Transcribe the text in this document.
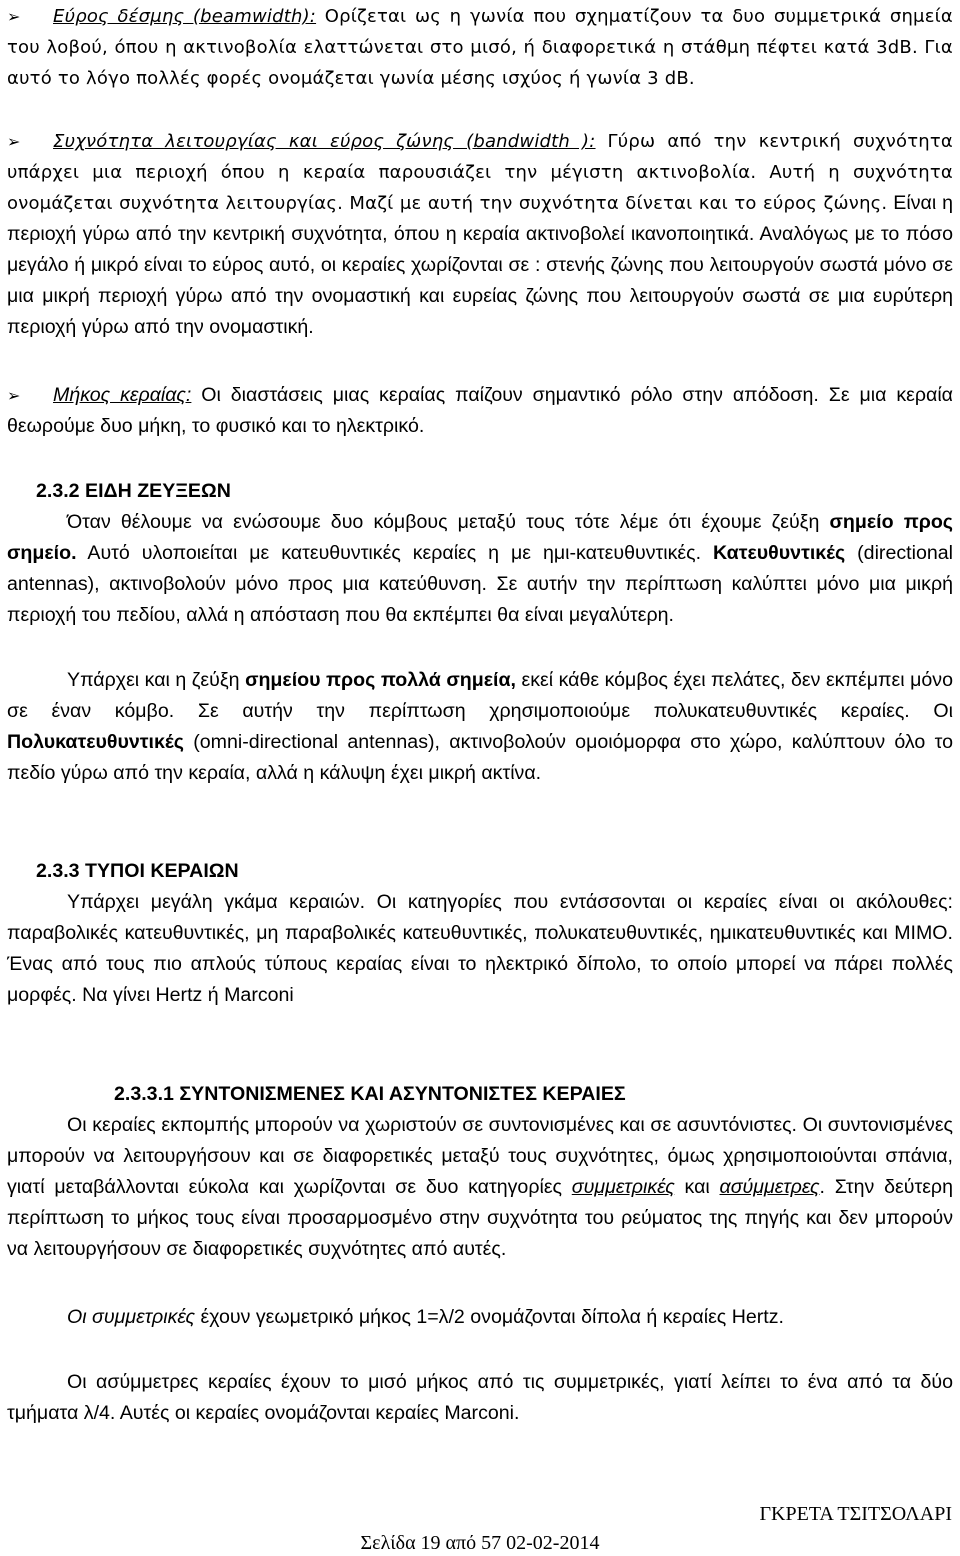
➢ Εύρος δέσμης (beamwidth): Ορίζεται ως η γωνία που σχηματίζουν τα δυο συμμετρικά σημεία του λοβού, όπου η ακτινοβολία ελαττώνεται στο μισό, ή διαφορετικά η στάθμη πέφτει κατά 3dB. Για αυτό το λόγο πολλές φορές ονομάζεται γωνία μέσης ισχύος ή γωνία 3 dB.

➢ Συχνότητα λειτουργίας και εύρος ζώνης (bandwidth ): Γύρω από την κεντρική συχνότητα υπάρχει μια περιοχή όπου η κεραία παρουσιάζει την μέγιστη ακτινοβολία. Αυτή η συχνότητα ονομάζεται συχνότητα λειτουργίας. Μαζί με αυτή την συχνότητα δίνεται και το εύρος ζώνης. Είναι η περιοχή γύρω από την κεντρική συχνότητα, όπου η κεραία ακτινοβολεί ικανοποιητικά. Αναλόγως με το πόσο μεγάλο ή μικρό είναι το εύρος αυτό, οι κεραίες χωρίζονται σε : στενής ζώνης που λειτουργούν σωστά μόνο σε μια μικρή περιοχή γύρω από την ονομαστική και ευρείας ζώνης που λειτουργούν σωστά σε μια ευρύτερη περιοχή γύρω από την ονομαστική.

➢ Μήκος κεραίας: Οι διαστάσεις μιας κεραίας παίζουν σημαντικό ρόλο στην απόδοση. Σε μια κεραία θεωρούμε δυο μήκη, το φυσικό και το ηλεκτρικό.

2.3.2 ΕΙΔΗ ΖΕΥΞΕΩΝ

Όταν θέλουμε να ενώσουμε δυο κόμβους μεταξύ τους τότε λέμε ότι έχουμε ζεύξη σημείο προς σημείο. Αυτό υλοποιείται με κατευθυντικές κεραίες η με ημι-κατευθυντικές. Κατευθυντικές (directional antennas), ακτινοβολούν μόνο προς μια κατεύθυνση. Σε αυτήν την περίπτωση καλύπτει μόνο μια μικρή περιοχή του πεδίου, αλλά η απόσταση που θα εκπέμπει θα είναι μεγαλύτερη.

Υπάρχει και η ζεύξη σημείου προς πολλά σημεία, εκεί κάθε κόμβος έχει πελάτες, δεν εκπέμπει μόνο σε έναν κόμβο. Σε αυτήν την περίπτωση χρησιμοποιούμε πολυκατευθυντικές κεραίες. Οι Πολυκατευθυντικές (omni-directional antennas), ακτινοβολούν ομοιόμορφα στο χώρο, καλύπτουν όλο το πεδίο γύρω από την κεραία, αλλά η κάλυψη έχει μικρή ακτίνα.

2.3.3 ΤΥΠΟΙ ΚΕΡΑΙΩΝ

Υπάρχει μεγάλη γκάμα κεραιών. Οι κατηγορίες που εντάσσονται οι κεραίες είναι οι ακόλουθες: παραβολικές κατευθυντικές, μη παραβολικές κατευθυντικές, πολυκατευθυντικές, ημικατευθυντικές και MIMO. Ένας από τους πιο απλούς τύπους κεραίας είναι το ηλεκτρικό δίπολο, το οποίο μπορεί να πάρει πολλές μορφές. Να γίνει Hertz ή Marconi

2.3.3.1 ΣΥΝΤΟΝΙΣΜΕΝΕΣ ΚΑΙ ΑΣΥΝΤΟΝΙΣΤΕΣ ΚΕΡΑΙΕΣ

Οι κεραίες εκπομπής μπορούν να χωριστούν σε συντονισμένες και σε ασυντόνιστες. Οι συντονισμένες μπορούν να λειτουργήσουν και σε διαφορετικές μεταξύ τους συχνότητες, όμως χρησιμοποιούνται σπάνια, γιατί μεταβάλλονται εύκολα και χωρίζονται σε δυο κατηγορίες συμμετρικές και ασύμμετρες. Στην δεύτερη περίπτωση το μήκος τους είναι προσαρμοσμένο στην συχνότητα του ρεύματος της πηγής και δεν μπορούν να λειτουργήσουν σε διαφορετικές συχνότητες από αυτές.

Οι συμμετρικές έχουν γεωμετρικό μήκος 1=λ/2 ονομάζονται δίπολα ή κεραίες Hertz.

Οι ασύμμετρες κεραίες έχουν το μισό μήκος από τις συμμετρικές, γιατί λείπει το ένα από τα δύο τμήματα λ/4. Αυτές οι κεραίες ονομάζονται κεραίες Marconi.

ΓΚΡΕΤΑ ΤΣΙΤΣΟΛΑΡΙ
Σελίδα 19 από 57 02-02-2014
